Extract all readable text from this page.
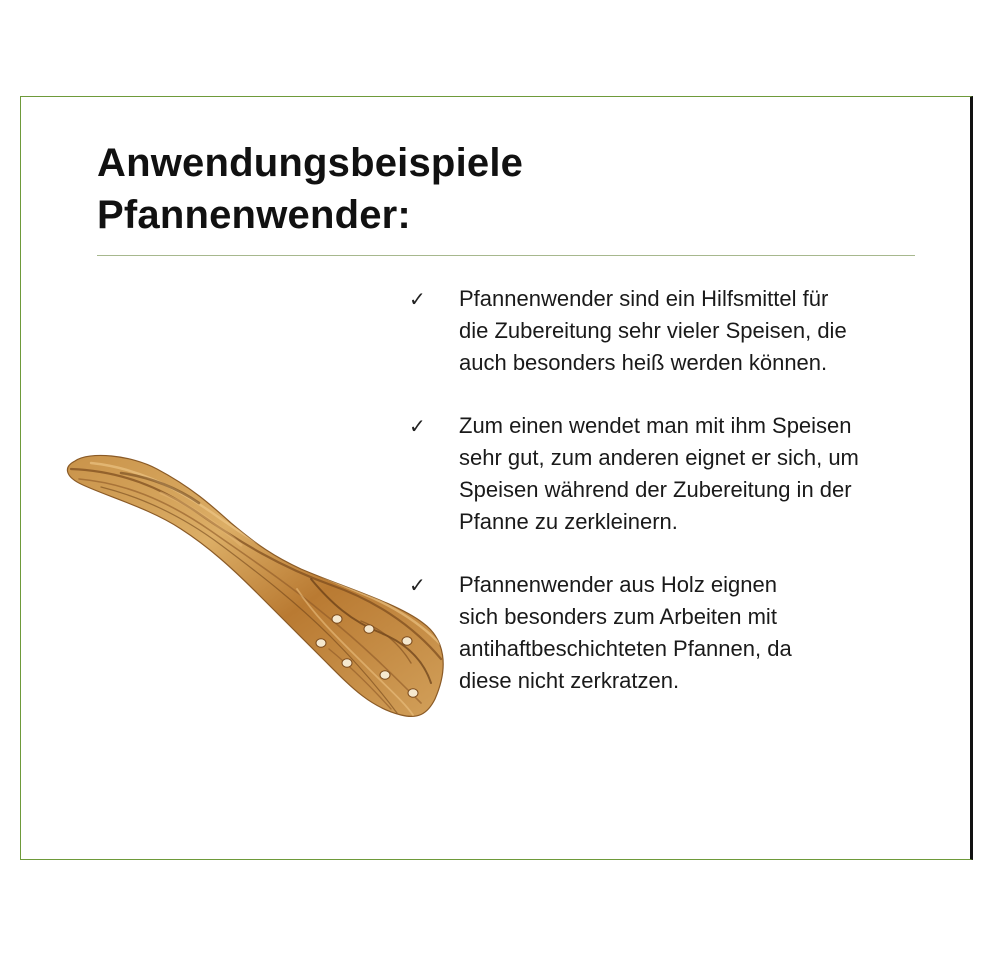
Anwendungsbeispiele
Pfannenwender:
✓ Pfannenwender sind ein Hilfsmittel für
die Zubereitung sehr vieler Speisen, die
auch besonders heiß werden können.
✓ Zum einen wendet man mit ihm Speisen
sehr gut, zum anderen eignet er sich, um
Speisen während der Zubereitung in der
Pfanne zu zerkleinern.
✓ Pfannenwender aus Holz eignen
sich besonders zum Arbeiten mit
antihaftbeschichteten Pfannen, da
diese nicht zerkratzen.
